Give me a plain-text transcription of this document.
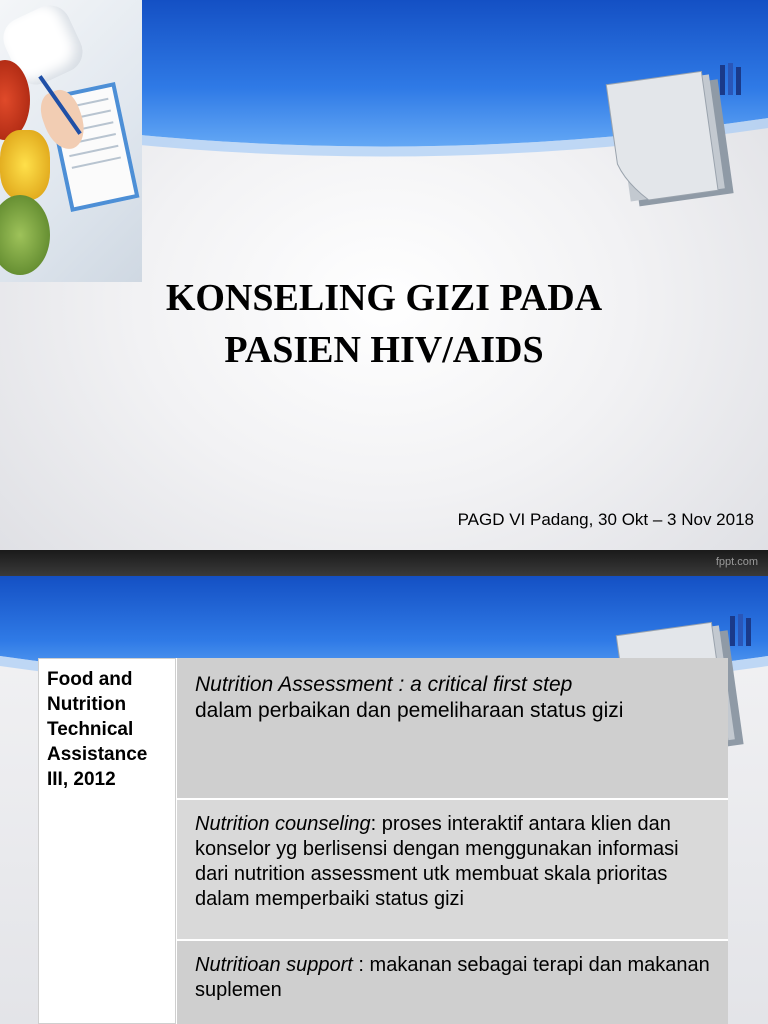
KONSELING GIZI PADA
PASIEN HIV/AIDS

PAGD VI Padang, 30 Okt – 3 Nov 2018

fppt.com
Food and
Nutrition
Technical
Assistance
III, 2012
Nutrition Assessment : a critical first step
dalam perbaikan dan pemeliharaan status gizi
Nutrition counseling: proses interaktif antara klien dan konselor yg berlisensi dengan menggunakan informasi dari nutrition assessment utk membuat skala prioritas dalam memperbaiki status gizi
Nutritioan support : makanan sebagai terapi dan makanan suplemen
